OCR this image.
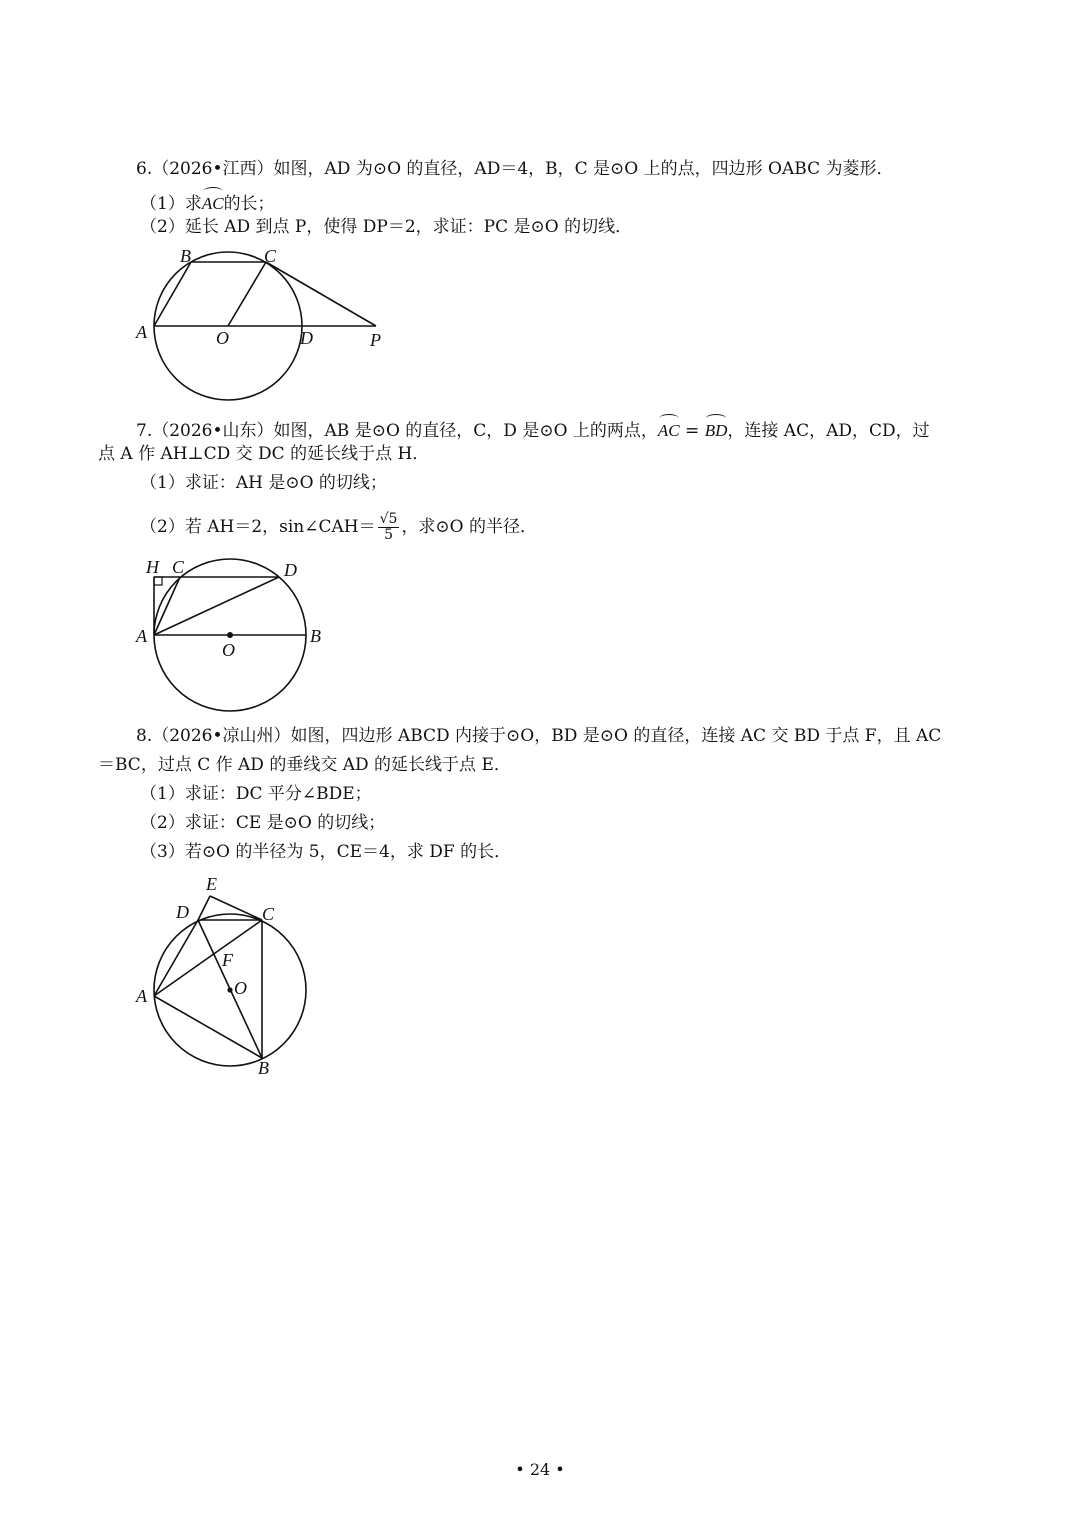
6.（2026•江西）如图，AD 为⊙O 的直径，AD＝4，B，C 是⊙O 上的点，四边形 OABC 为菱形．
（1）求AC的长；
（2）延长 AD 到点 P，使得 DP＝2，求证：PC 是⊙O 的切线．
B	C
A	O	D	P
7.（2026•山东）如图，AB 是⊙O 的直径，C，D 是⊙O 上的两点，AC = BD，连接 AC，AD，CD，过
点 A 作 AH⊥CD 交 DC 的延长线于点 H．
（1）求证：AH 是⊙O 的切线；
（2）若 AH＝2，sin∠CAH＝ $\frac{√5}{5}$ ，求⊙O 的半径．
H C	D
A
O
B
8.（2026•凉山州）如图，四边形 ABCD 内接于⊙O，BD 是⊙O 的直径，连接 AC 交 BD 于点 F，且 AC
＝BC，过点 C 作 AD 的垂线交 AD 的延长线于点 E．
（1）求证：DC 平分∠BDE；
（2）求证：CE 是⊙O 的切线；
（3）若⊙O 的半径为 5，CE＝4，求 DF 的长．
E
D	C
F
A	O
B
• 24 •
